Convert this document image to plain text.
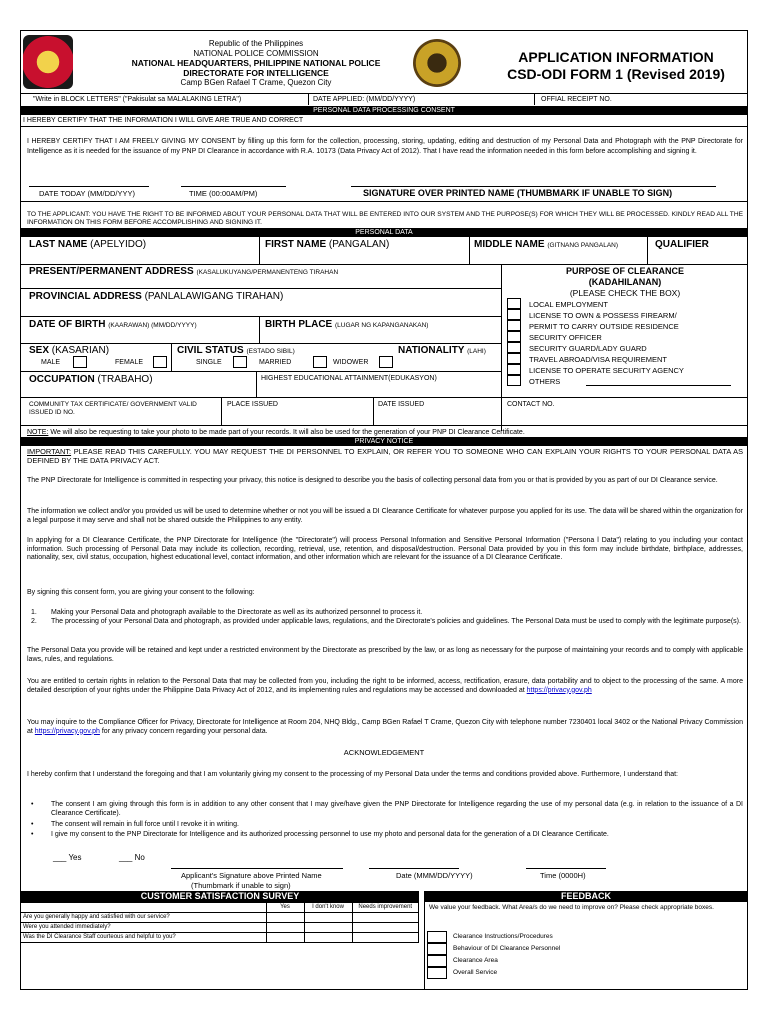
Republic of the Philippines
NATIONAL POLICE COMMISSION
NATIONAL HEADQUARTERS, PHILIPPINE NATIONAL POLICE
DIRECTORATE FOR INTELLIGENCE
Camp BGen Rafael T Crame, Quezon City
APPLICATION INFORMATION
CSD-ODI FORM 1 (Revised 2019)
"Write in BLOCK LETTERS" ("Pakisulat sa MALALAKING LETRA")	DATE APPLIED: (MM/DD/YYYY)	OFFIAL RECEIPT NO.
PERSONAL DATA PROCESSING CONSENT
I HEREBY CERTIFY THAT THE INFORMATION I WILL GIVE ARE TRUE AND CORRECT
I HEREBY CERTIFY THAT I AM FREELY GIVING MY CONSENT by filling up this form for the collection, processing, storing, updating, editing and destruction of my Personal Data and Photograph with the PNP Directorate for Intelligence as it is needed for the issuance of my PNP DI Clearance in accordance with R.A. 10173 (Data Privacy Act of 2012). That I have read the information needed in this form before accomplishing and signing it.
DATE TODAY (MM/DD/YYY)	TIME (00:00AM/PM)	SIGNATURE OVER PRINTED NAME (THUMBMARK IF UNABLE TO SIGN)
TO THE APPLICANT: YOU HAVE THE RIGHT TO BE INFORMED ABOUT YOUR PERSONAL DATA THAT WILL BE ENTERED INTO OUR SYSTEM AND THE PURPOSE(S) FOR WHICH THEY WILL BE PROCESSED. KINDLY READ ALL THE INFORMATION ON THIS FORM BEFORE ACCOMPLISHING AND SIGNING IT.
PERSONAL DATA
LAST NAME (APELYIDO)	FIRST NAME (PANGALAN)	MIDDLE NAME (GITNANG PANGALAN)	QUALIFIER
PRESENT/PERMANENT ADDRESS (KASALUKUYANG/PERMANENTENG TIRAHAN
PROVINCIAL ADDRESS (PANLALAWIGANG TIRAHAN)
DATE OF BIRTH (KAARAWAN) (MM/DD/YYYY)	BIRTH PLACE (LUGAR NG KAPANGANAKAN)
SEX (KASARIAN)
MALE	FEMALE
CIVIL STATUS (ESTADO SIBIL)
SINGLE	MARRIED	WIDOWER
NATIONALITY (LAHI)
OCCUPATION (TRABAHO)	HIGHEST EDUCATIONAL ATTAINMENT(EDUKASYON)
COMMUNITY TAX CERTIFICATE/ GOVERNMENT VALID ISSUED ID NO.
PLACE ISSUED	DATE ISSUED	CONTACT NO.
PURPOSE OF CLEARANCE
(KADAHILANAN)
(PLEASE CHECK THE BOX)
LOCAL EMPLOYMENT
LICENSE TO OWN & POSSESS FIREARM/
PERMIT TO CARRY OUTSIDE RESIDENCE
SECURITY OFFICER
SECURITY GUARD/LADY GUARD
TRAVEL ABROAD/VISA REQUIREMENT
LICENSE TO OPERATE SECURITY AGENCY
OTHERS
NOTE: We will also be requesting to take your photo to be made part of your records. It will also be used for the generation of your PNP DI Clearance Certificate.
PRIVACY NOTICE
IMPORTANT: PLEASE READ THIS CAREFULLY. YOU MAY REQUEST THE DI PERSONNEL TO EXPLAIN, OR REFER YOU TO SOMEONE WHO CAN EXPLAIN YOUR RIGHTS TO YOUR PERSONAL DATA AS DEFINED BY THE DATA PRIVACY ACT.
The PNP Directorate for Intelligence is committed in respecting your privacy, this notice is designed to describe you the basis of collecting personal data from you or that is provided by you as part of our DI Clearance service.
The information we collect and/or you provided us will be used to determine whether or not you will be issued a DI Clearance Certificate for whatever purpose you applied for its use. The data will be shared within the organization for a legal purpose it may serve and shall not be shared outside the Philippines to any entity.
In applying for a DI Clearance Certificate, the PNP Directorate for Intelligence (the "Directorate") will process Personal Information and Sensitive Personal Information ("Persona l Data") relating to you including your contact information. Such processing of Personal Data may include its collection, recording, retrieval, use, retention, and disposal/destruction. Personal Data provided by you in this form may include birthdate, birthplace, addresses, nationality, sex, civil status, occupation, highest educational level, contact information, and other information which are relevant for the issuance of a DI Clearance Certificate.
By signing this consent form, you are giving your consent to the following:
1. Making your Personal Data and photograph available to the Directorate as well as its authorized personnel to process it.
2. The processing of your Personal Data and photograph, as provided under applicable laws, regulations, and the Directorate's policies and guidelines. The Personal Data must be used to comply with the legitimate purpose(s).
The Personal Data you provide will be retained and kept under a restricted environment by the Directorate as prescribed by the law, or as long as necessary for the purpose of maintaining your records and to comply with applicable laws, rules, and regulations.
You are entitled to certain rights in relation to the Personal Data that may be collected from you, including the right to be informed, access, rectification, erasure, data portability and to object to the processing of the same. A more detailed description of your rights under the Philippine Data Privacy Act of 2012, and its implementing rules and regulations may be accessed and downloaded at https://privacy.gov.ph
You may inquire to the Compliance Officer for Privacy, Directorate for Intelligence at Room 204, NHQ Bldg., Camp BGen Rafael T Crame, Quezon City with telephone number 7230401 local 3402 or the National Privacy Commission at https://privacy.gov.ph for any privacy concern regarding your personal data.
ACKNOWLEDGEMENT
I hereby confirm that I understand the foregoing and that I am voluntarily giving my consent to the processing of my Personal Data under the terms and conditions provided above. Furthermore, I understand that:
•	The consent I am giving through this form is in addition to any other consent that I may give/have given the PNP Directorate for Intelligence regarding the use of my personal data (e.g. in relation to the issuance of a DI Clearance Certificate).
•	The consent will remain in full force until I revoke it in writing.
•	I give my consent to the PNP Directorate for Intelligence and its authorized processing personnel to use my photo and personal data for the generation of a DI Clearance Certificate.
___ Yes	___ No
Applicant's Signature above Printed Name
(Thumbmark if unable to sign)
Date (MMM/DD/YYYY)	Time (0000H)
CUSTOMER SATISFACTION SURVEY
	Yes	I don't know	Needs improvement
Are you generally happy and satisfied with our service?			
Were you attended immediately?			
Was the DI Clearance Staff courteous and helpful to you?			
FEEDBACK
We value your feedback. What Area/s do we need to improve on? Please check appropriate boxes.
Clearance Instructions/Procedures
Behaviour of DI Clearance Personnel
Clearance Area
Overall Service
